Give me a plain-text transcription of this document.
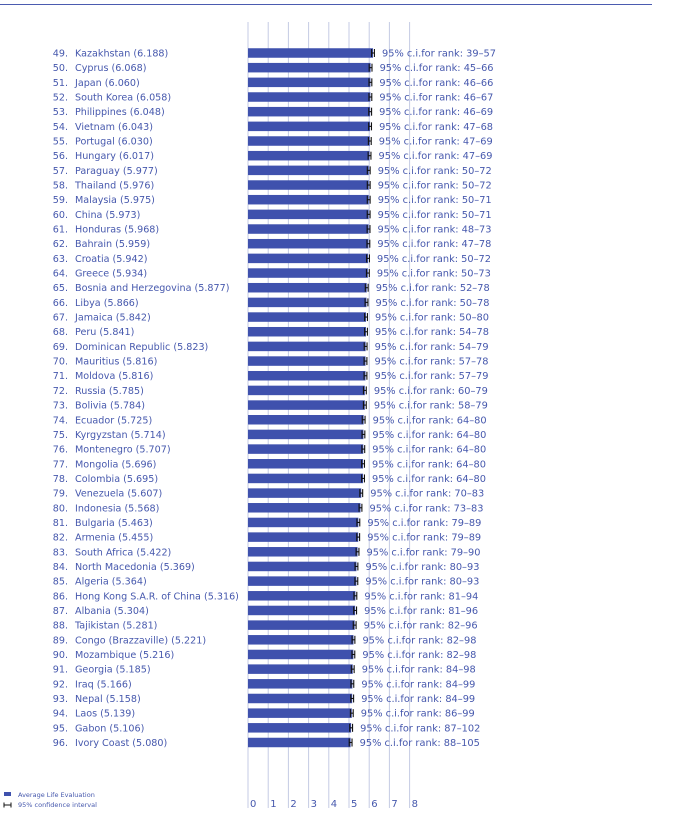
49. Kazakhstan (6.188)	95% c.i.for rank: 39–57
50. Cyprus (6.068)	95% c.i.for rank: 45–66
51. Japan (6.060)	95% c.i.for rank: 46–66
52. South Korea (6.058)	95% c.i.for rank: 46–67
53. Philippines (6.048)	95% c.i.for rank: 46–69
54. Vietnam (6.043)	95% c.i.for rank: 47–68
55. Portugal (6.030)	95% c.i.for rank: 47–69
56. Hungary (6.017)	95% c.i.for rank: 47–69
57. Paraguay (5.977)	95% c.i.for rank: 50–72
58. Thailand (5.976)	95% c.i.for rank: 50–72
59. Malaysia (5.975)	95% c.i.for rank: 50–71
60. China (5.973)	95% c.i.for rank: 50–71
61. Honduras (5.968)	95% c.i.for rank: 48–73
62. Bahrain (5.959)	95% c.i.for rank: 47–78
63. Croatia (5.942)	95% c.i.for rank: 50–72
64. Greece (5.934)	95% c.i.for rank: 50–73
65. Bosnia and Herzegovina (5.877)	95% c.i.for rank: 52–78
66. Libya (5.866)	95% c.i.for rank: 50–78
67. Jamaica (5.842)	95% c.i.for rank: 50–80
68. Peru (5.841)	95% c.i.for rank: 54–78
69. Dominican Republic (5.823)	95% c.i.for rank: 54–79
70. Mauritius (5.816)	95% c.i.for rank: 57–78
71. Moldova (5.816)	95% c.i.for rank: 57–79
72. Russia (5.785)	95% c.i.for rank: 60–79
73. Bolivia (5.784)	95% c.i.for rank: 58–79
74. Ecuador (5.725)	95% c.i.for rank: 64–80
75. Kyrgyzstan (5.714)	95% c.i.for rank: 64–80
76. Montenegro (5.707)	95% c.i.for rank: 64–80
77. Mongolia (5.696)	95% c.i.for rank: 64–80
78. Colombia (5.695)	95% c.i.for rank: 64–80
79. Venezuela (5.607)	95% c.i.for rank: 70–83
80. Indonesia (5.568)	95% c.i.for rank: 73–83
81. Bulgaria (5.463)	95% c.i.for rank: 79–89
82. Armenia (5.455)	95% c.i.for rank: 79–89
83. South Africa (5.422)	95% c.i.for rank: 79–90
84. North Macedonia (5.369)	95% c.i.for rank: 80–93
85. Algeria (5.364)	95% c.i.for rank: 80–93
86. Hong Kong S.A.R. of China (5.316)	95% c.i.for rank: 81–94
87. Albania (5.304)	95% c.i.for rank: 81–96
88. Tajikistan (5.281)	95% c.i.for rank: 82–96
89. Congo (Brazzaville) (5.221)	95% c.i.for rank: 82–98
90. Mozambique (5.216)	95% c.i.for rank: 82–98
91. Georgia (5.185)	95% c.i.for rank: 84–98
92. Iraq (5.166)	95% c.i.for rank: 84–99
93. Nepal (5.158)	95% c.i.for rank: 84–99
94. Laos (5.139)	95% c.i.for rank: 86–99
95. Gabon (5.106)	95% c.i.for rank: 87–102
96. Ivory Coast (5.080)	95% c.i.for rank: 88–105
0 1 2 3 4 5 6 7 8
Average Life Evaluation
95% confidence interval
